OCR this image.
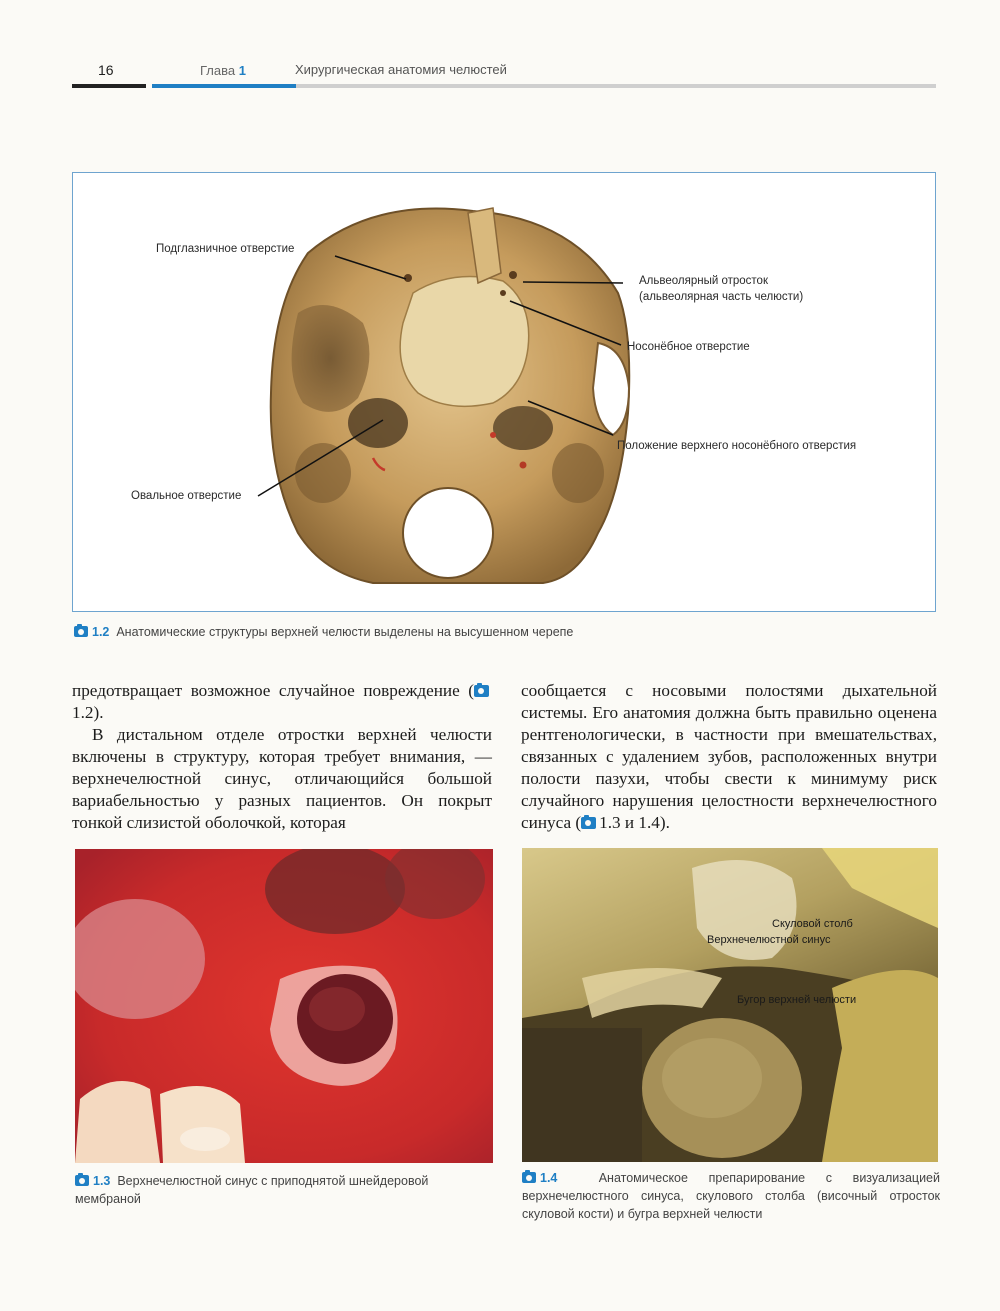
16	Глава 1	Хирургическая анатомия челюстей
Подглазничное отверстие
Альвеолярный отросток
(альвеолярная часть челюсти)
Носонёбное отверстие
Положение верхнего носонёбного отверстия
Овальное отверстие
1.2 Анатомические структуры верхней челюсти выделены на высушенном черепе

предотвращает возможное случайное повреждение (1.2).

В дистальном отделе отростки верхней челюсти включены в структуру, которая требует внимания, — верхнечелюстной синус, отличающийся большой вариабельностью у разных пациентов. Он покрыт тонкой слизистой оболочкой, которая

сообщается с носовыми полостями дыхательной системы. Его анатомия должна быть правильно оценена рентгенологически, в частности при вмешательствах, связанных с удалением зубов, расположенных внутри полости пазухи, чтобы свести к минимуму риск случайного нарушения целостности верхнечелюстного синуса ( 1.3 и 1.4).

1.3 Верхнечелюстной синус с приподнятой шнейдеровой мембраной
Скуловой столб
Верхнечелюстной синус
Бугор верхней челюсти
1.4	Анатомическое препарирование с визуализацией верхнечелюстного синуса, скулового столба (височный отросток скуловой кости) и бугра верхней челюсти
